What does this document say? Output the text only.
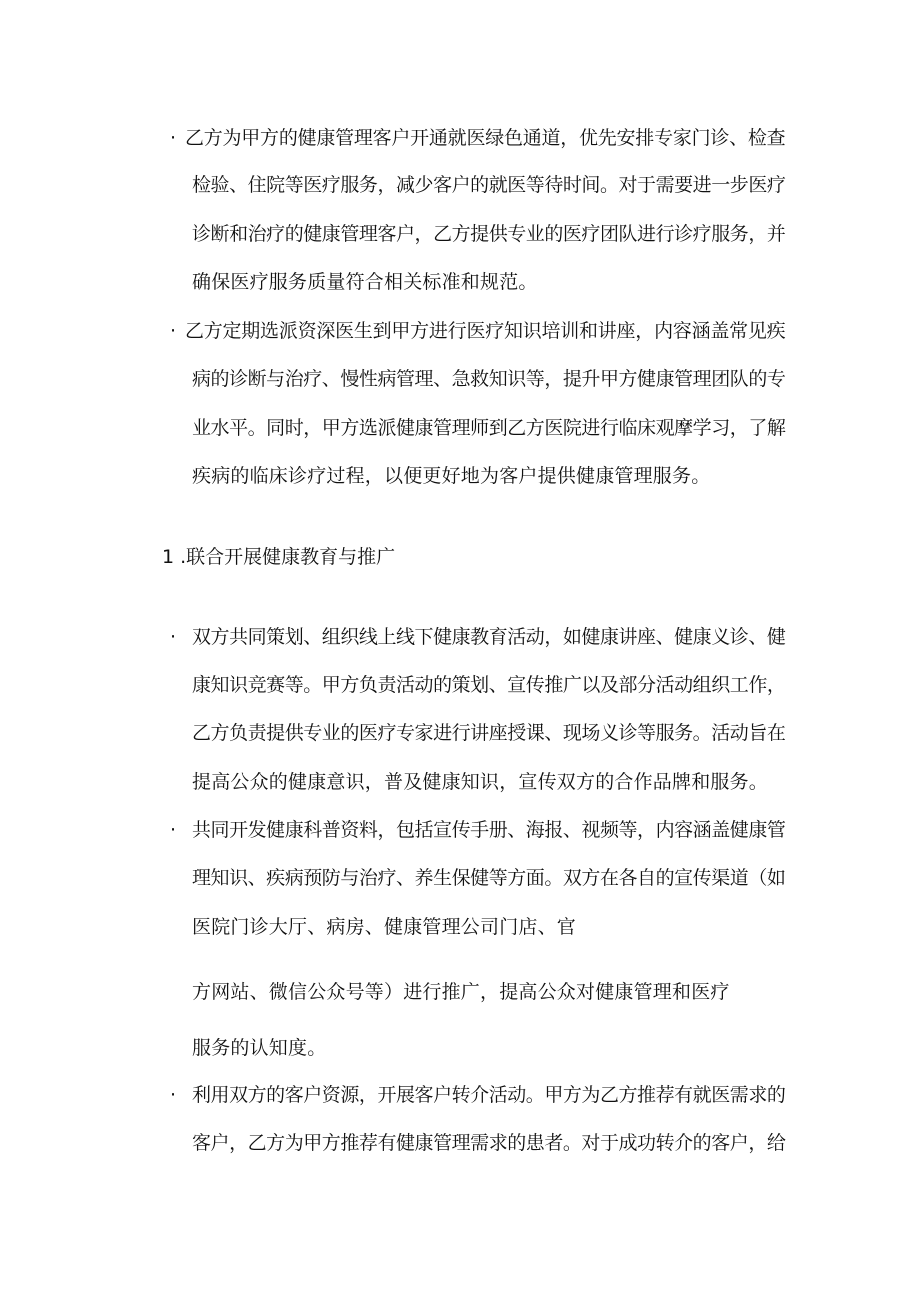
· 乙方为甲方的健康管理客户开通就医绿色通道，优先安排专家门诊、检查
检验、住院等医疗服务，减少客户的就医等待时间。对于需要进一步医疗
诊断和治疗的健康管理客户，乙方提供专业的医疗团队进行诊疗服务，并
确保医疗服务质量符合相关标准和规范。
· 乙方定期选派资深医生到甲方进行医疗知识培训和讲座，内容涵盖常见疾
病的诊断与治疗、慢性病管理、急救知识等，提升甲方健康管理团队的专
业水平。同时，甲方选派健康管理师到乙方医院进行临床观摩学习，了解
疾病的临床诊疗过程，以便更好地为客户提供健康管理服务。
1 .联合开展健康教育与推广
· 双方共同策划、组织线上线下健康教育活动，如健康讲座、健康义诊、健
康知识竞赛等。甲方负责活动的策划、宣传推广以及部分活动组织工作，
乙方负责提供专业的医疗专家进行讲座授课、现场义诊等服务。活动旨在
提高公众的健康意识，普及健康知识，宣传双方的合作品牌和服务。
· 共同开发健康科普资料，包括宣传手册、海报、视频等，内容涵盖健康管
理知识、疾病预防与治疗、养生保健等方面。双方在各自的宣传渠道（如
医院门诊大厅、病房、健康管理公司门店、官
方网站、微信公众号等）进行推广，提高公众对健康管理和医疗
服务的认知度。
· 利用双方的客户资源，开展客户转介活动。甲方为乙方推荐有就医需求的
客户，乙方为甲方推荐有健康管理需求的患者。对于成功转介的客户，给
